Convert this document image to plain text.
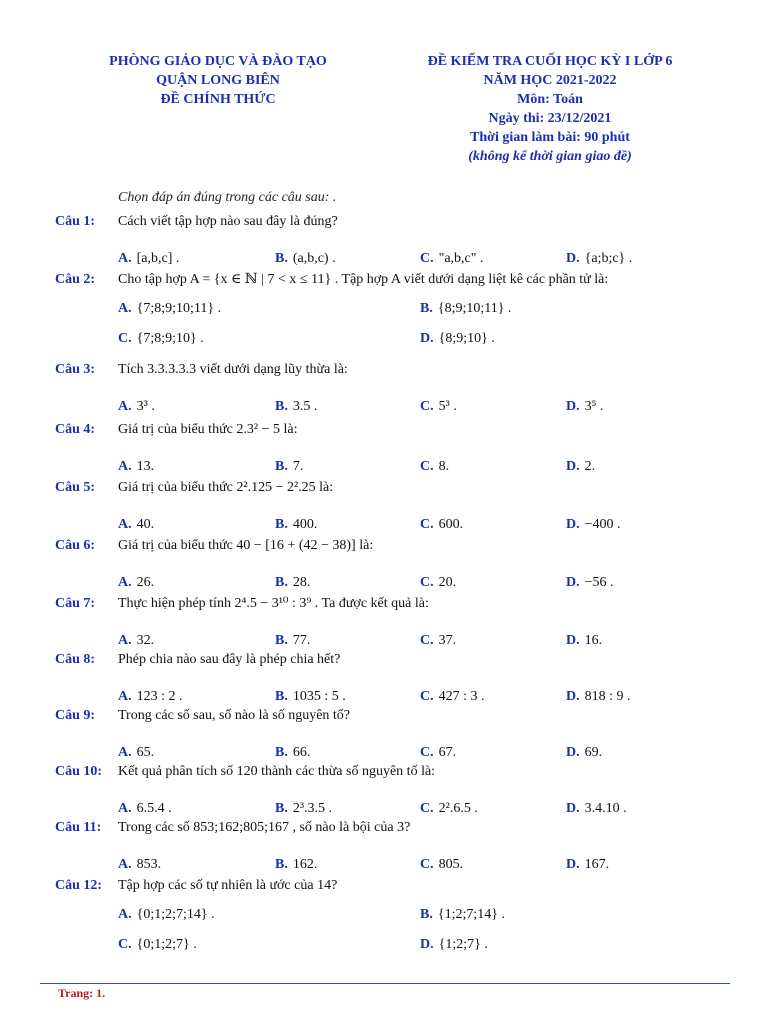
PHÒNG GIÁO DỤC VÀ ĐÀO TẠO
QUẬN LONG BIÊN
ĐỀ CHÍNH THỨC
ĐỀ KIỂM TRA CUỐI HỌC KỲ I LỚP 6
NĂM HỌC 2021-2022
Môn: Toán
Ngày thi: 23/12/2021
Thời gian làm bài: 90 phút
(không kể thời gian giao đề)
Chọn đáp án đúng trong các câu sau: .
Câu 1: Cách viết tập hợp nào sau đây là đúng?
A. [a,b,c] .	B. (a,b,c) .	C. "a,b,c" .	D. {a;b;c} .
Câu 2: Cho tập hợp A = {x ∈ ℕ | 7 < x ≤ 11} . Tập hợp A viết dưới dạng liệt kê các phần tử là:
A. {7;8;9;10;11} .	B. {8;9;10;11} .
C. {7;8;9;10} .	D. {8;9;10} .
Câu 3: Tích 3.3.3.3.3 viết dưới dạng lũy thừa là:
A. 3³ .	B. 3.5 .	C. 5³ .	D. 3⁵ .
Câu 4: Giá trị của biểu thức 2.3² − 5 là:
A. 13.	B. 7.	C. 8.	D. 2.
Câu 5: Giá trị của biểu thức 2².125 − 2².25 là:
A. 40.	B. 400.	C. 600.	D. −400 .
Câu 6: Giá trị của biểu thức 40 − [16 + (42 − 38)] là:
A. 26.	B. 28.	C. 20.	D. −56 .
Câu 7: Thực hiện phép tính 2⁴.5 − 3¹⁰ : 3⁹ . Ta được kết quả là:
A. 32.	B. 77.	C. 37.	D. 16.
Câu 8: Phép chia nào sau đây là phép chia hết?
A. 123 : 2 .	B. 1035 : 5 .	C. 427 : 3 .	D. 818 : 9 .
Câu 9: Trong các số sau, số nào là số nguyên tố?
A. 65.	B. 66.	C. 67.	D. 69.
Câu 10: Kết quả phân tích số 120 thành các thừa số nguyên tố là:
A. 6.5.4 .	B. 2³.3.5 .	C. 2².6.5 .	D. 3.4.10 .
Câu 11: Trong các số 853;162;805;167 , số nào là bội của 3?
A. 853.	B. 162.	C. 805.	D. 167.
Câu 12: Tập hợp các số tự nhiên là ước của 14?
A. {0;1;2;7;14} .	B. {1;2;7;14} .
C. {0;1;2;7} .	D. {1;2;7} .
Trang: 1.
